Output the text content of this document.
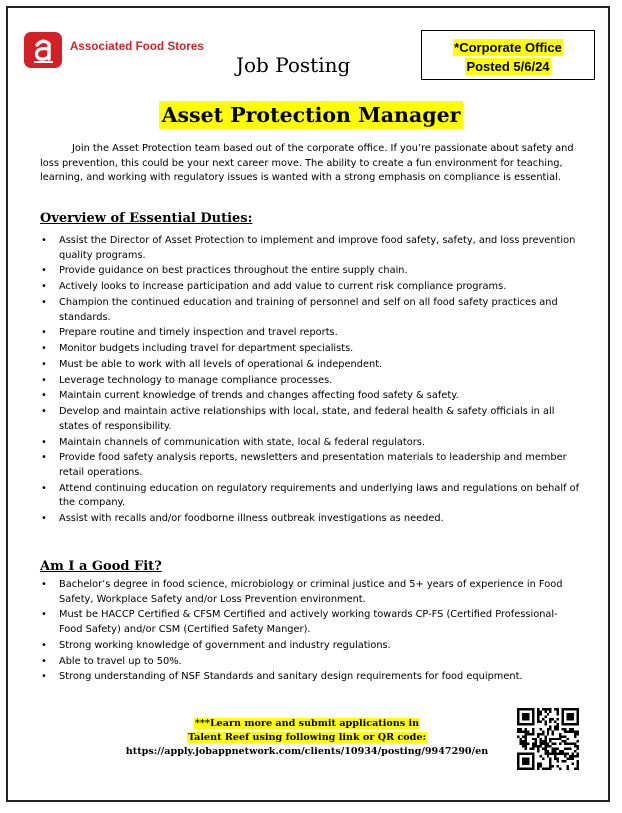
Associated Food Stores
Job Posting
*Corporate Office
Posted 5/6/24
Asset Protection Manager
Join the Asset Protection team based out of the corporate office. If you’re passionate about safety and loss prevention, this could be your next career move. The ability to create a fun environment for teaching, learning, and working with regulatory issues is wanted with a strong emphasis on compliance is essential.
Overview of Essential Duties:
• Assist the Director of Asset Protection to implement and improve food safety, safety, and loss prevention quality programs.
• Provide guidance on best practices throughout the entire supply chain.
• Actively looks to increase participation and add value to current risk compliance programs.
• Champion the continued education and training of personnel and self on all food safety practices and standards.
• Prepare routine and timely inspection and travel reports.
• Monitor budgets including travel for department specialists.
• Must be able to work with all levels of operational & independent.
• Leverage technology to manage compliance processes.
• Maintain current knowledge of trends and changes affecting food safety & safety.
• Develop and maintain active relationships with local, state, and federal health & safety officials in all states of responsibility.
• Maintain channels of communication with state, local & federal regulators.
• Provide food safety analysis reports, newsletters and presentation materials to leadership and member retail operations.
• Attend continuing education on regulatory requirements and underlying laws and regulations on behalf of the company.
• Assist with recalls and/or foodborne illness outbreak investigations as needed.
Am I a Good Fit?
• Bachelor’s degree in food science, microbiology or criminal justice and 5+ years of experience in Food Safety, Workplace Safety and/or Loss Prevention environment.
• Must be HACCP Certified & CFSM Certified and actively working towards CP-FS (Certified Professional-Food Safety) and/or CSM (Certified Safety Manger).
• Strong working knowledge of government and industry regulations.
• Able to travel up to 50%.
• Strong understanding of NSF Standards and sanitary design requirements for food equipment.
***Learn more and submit applications in
Talent Reef using following link or QR code:
https://apply.jobappnetwork.com/clients/10934/posting/9947290/en
